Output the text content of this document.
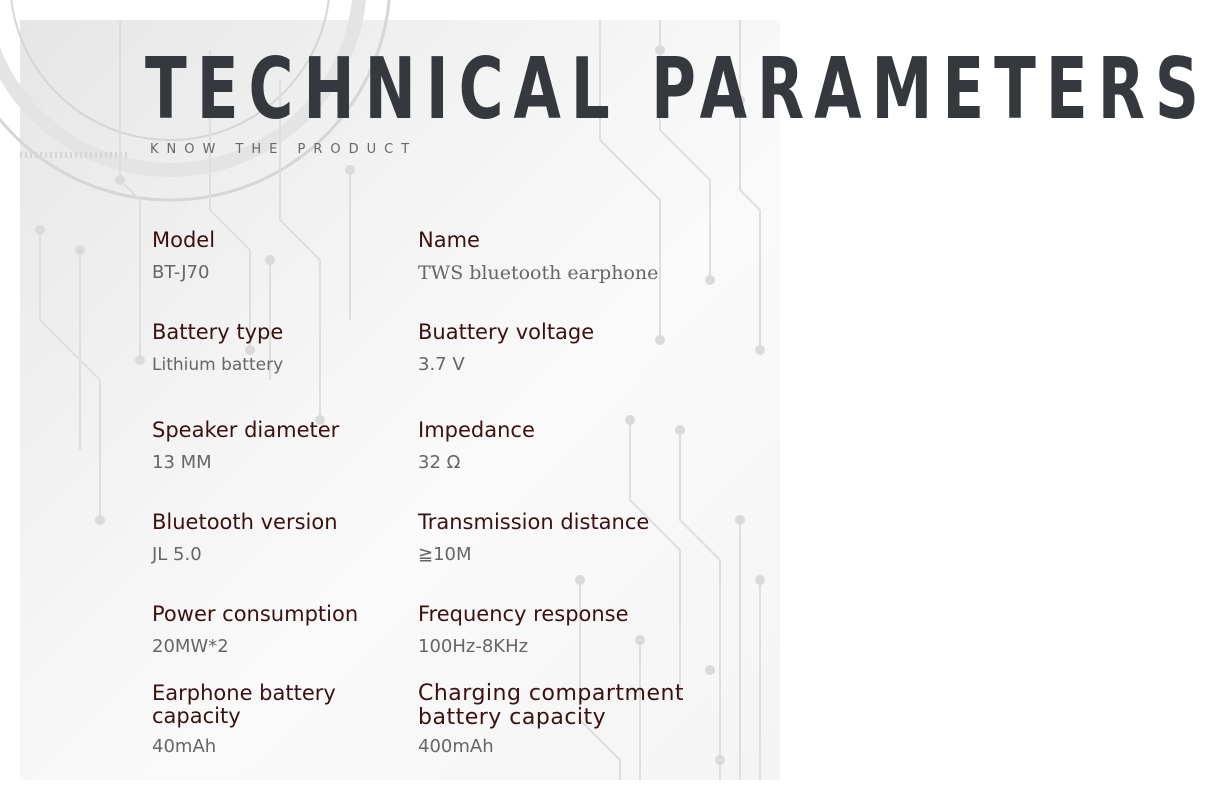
TECHNICAL PARAMETERS
KNOW THE PRODUCT
Model
BT-J70
Name
TWS bluetooth earphone
Battery type
Lithium battery
Buattery voltage
3.7 V
Speaker diameter
13 MM
Impedance
32 Ω
Bluetooth version
JL 5.0
Transmission distance
≧10M
Power consumption
20MW*2
Frequency response
100Hz-8KHz
Earphone battery capacity
40mAh
Charging compartment battery capacity
400mAh
